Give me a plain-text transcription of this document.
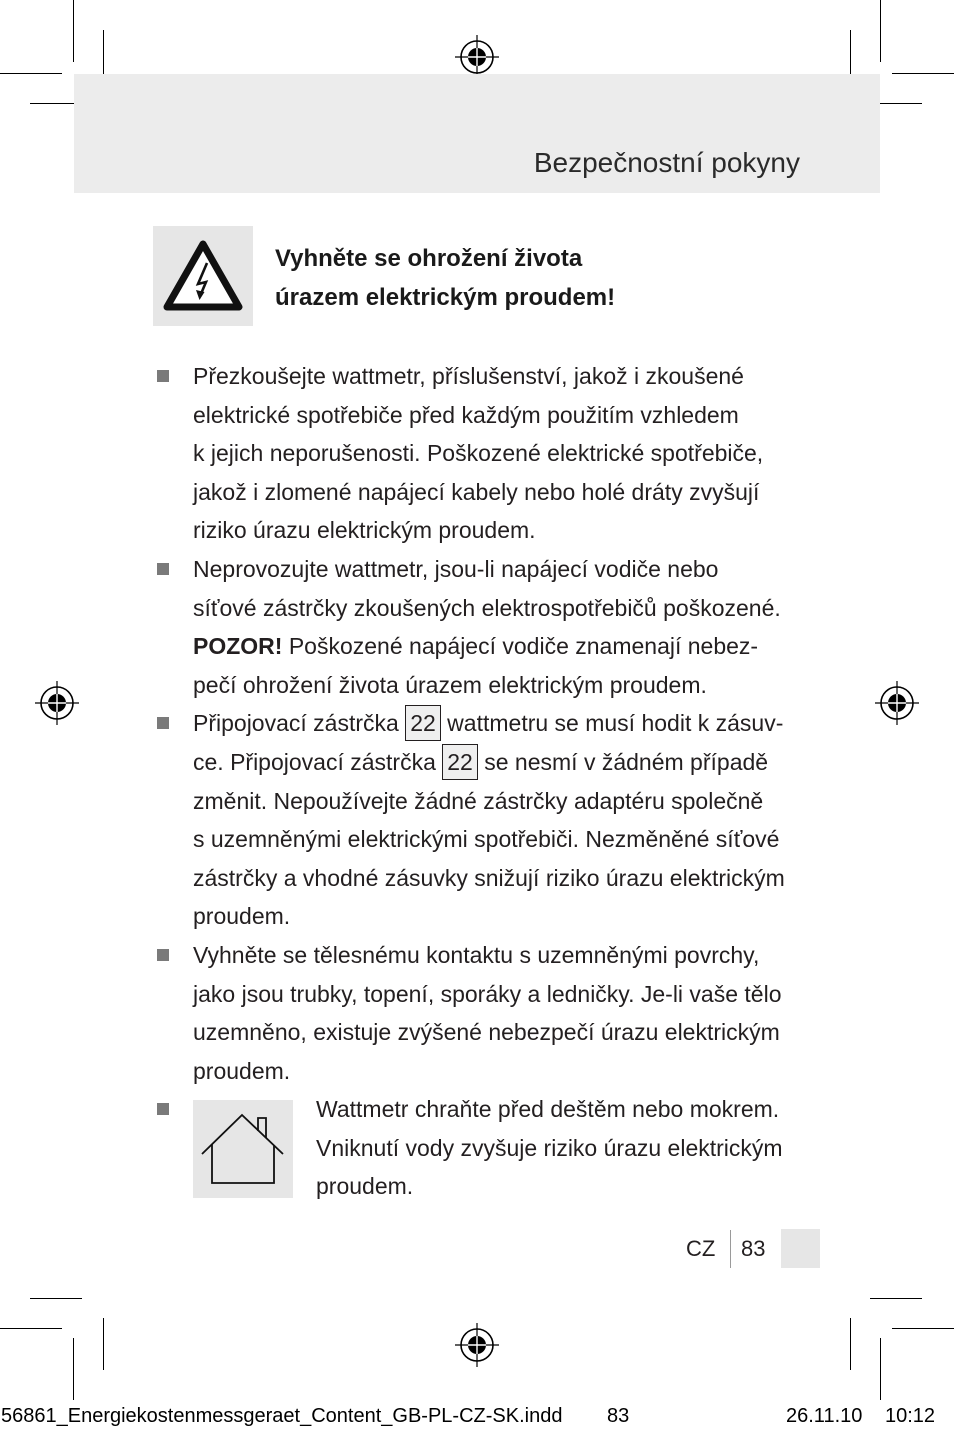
Bezpečnostní pokyny
Vyhněte se ohrožení života
úrazem elektrickým proudem!
Přezkoušejte wattmetr, příslušenství, jakož i zkoušené
elektrické spotřebiče před každým použitím vzhledem
k jejich neporušenosti. Poškozené elektrické spotřebiče,
jakož i zlomené napájecí kabely nebo holé dráty zvyšují
riziko úrazu elektrickým proudem.
Neprovozujte wattmetr, jsou-li napájecí vodiče nebo
síťové zástrčky zkoušených elektrospotřebičů poškozené.
POZOR! Poškozené napájecí vodiče znamenají nebez-
pečí ohrožení života úrazem elektrickým proudem.
Připojovací zástrčka 22 wattmetru se musí hodit k zásuv-
ce. Připojovací zástrčka 22 se nesmí v žádném případě
změnit. Nepoužívejte žádné zástrčky adaptéru společně
s uzemněnými elektrickými spotřebiči. Nezměněné síťové
zástrčky a vhodné zásuvky snižují riziko úrazu elektrickým
proudem.
Vyhněte se tělesnému kontaktu s uzemněnými povrchy,
jako jsou trubky, topení, sporáky a ledničky. Je-li vaše tělo
uzemněno, existuje zvýšené nebezpečí úrazu elektrickým
proudem.
Wattmetr chraňte před deštěm nebo mokrem.
Vniknutí vody zvyšuje riziko úrazu elektrickým
proudem.
CZ 83
56861_Energiekostenmessgeraet_Content_GB-PL-CZ-SK.indd 83	26.11.10 10:12
